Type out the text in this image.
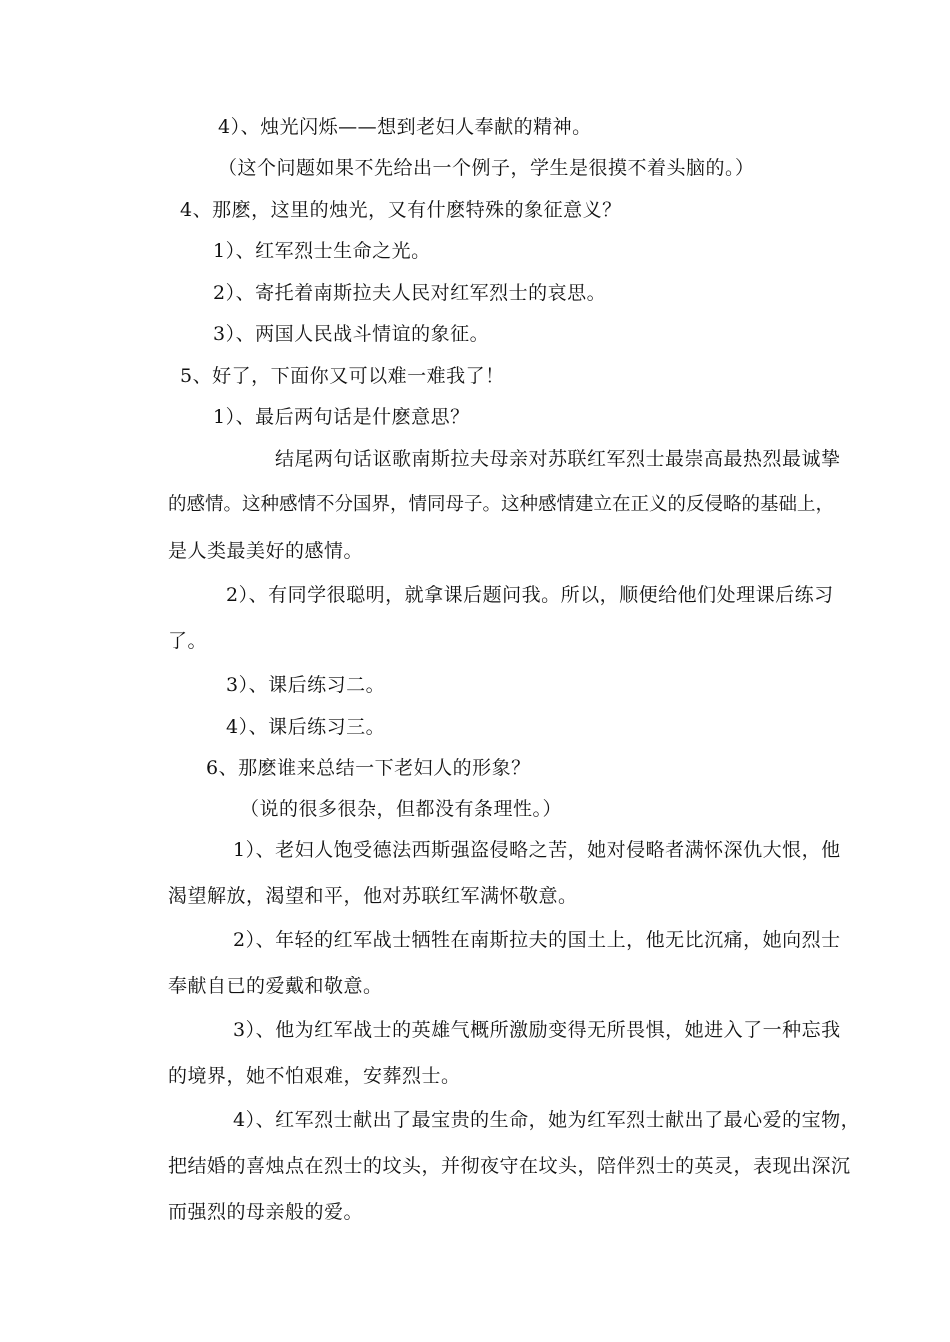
4）、烛光闪烁——想到老妇人奉献的精神。
（这个问题如果不先给出一个例子，学生是很摸不着头脑的。）
4、那麽，这里的烛光，又有什麽特殊的象征意义？
1）、红军烈士生命之光。
2）、寄托着南斯拉夫人民对红军烈士的哀思。
3）、两国人民战斗情谊的象征。
5、好了，下面你又可以难一难我了！
1）、最后两句话是什麽意思？
结尾两句话讴歌南斯拉夫母亲对苏联红军烈士最崇高最热烈最诚挚
的感情。这种感情不分国界，情同母子。这种感情建立在正义的反侵略的基础上，
是人类最美好的感情。
2）、有同学很聪明，就拿课后题问我。所以，顺便给他们处理课后练习
了。
3）、课后练习二。
4）、课后练习三。
6、那麽谁来总结一下老妇人的形象？
（说的很多很杂，但都没有条理性。）
1）、老妇人饱受德法西斯强盗侵略之苦，她对侵略者满怀深仇大恨，他
渴望解放，渴望和平，他对苏联红军满怀敬意。
2）、年轻的红军战士牺牲在南斯拉夫的国土上，他无比沉痛，她向烈士
奉献自已的爱戴和敬意。
3）、他为红军战士的英雄气概所激励变得无所畏惧，她进入了一种忘我
的境界，她不怕艰难，安葬烈士。
4）、红军烈士献出了最宝贵的生命，她为红军烈士献出了最心爱的宝物，
把结婚的喜烛点在烈士的坟头，并彻夜守在坟头，陪伴烈士的英灵，表现出深沉
而强烈的母亲般的爱。
